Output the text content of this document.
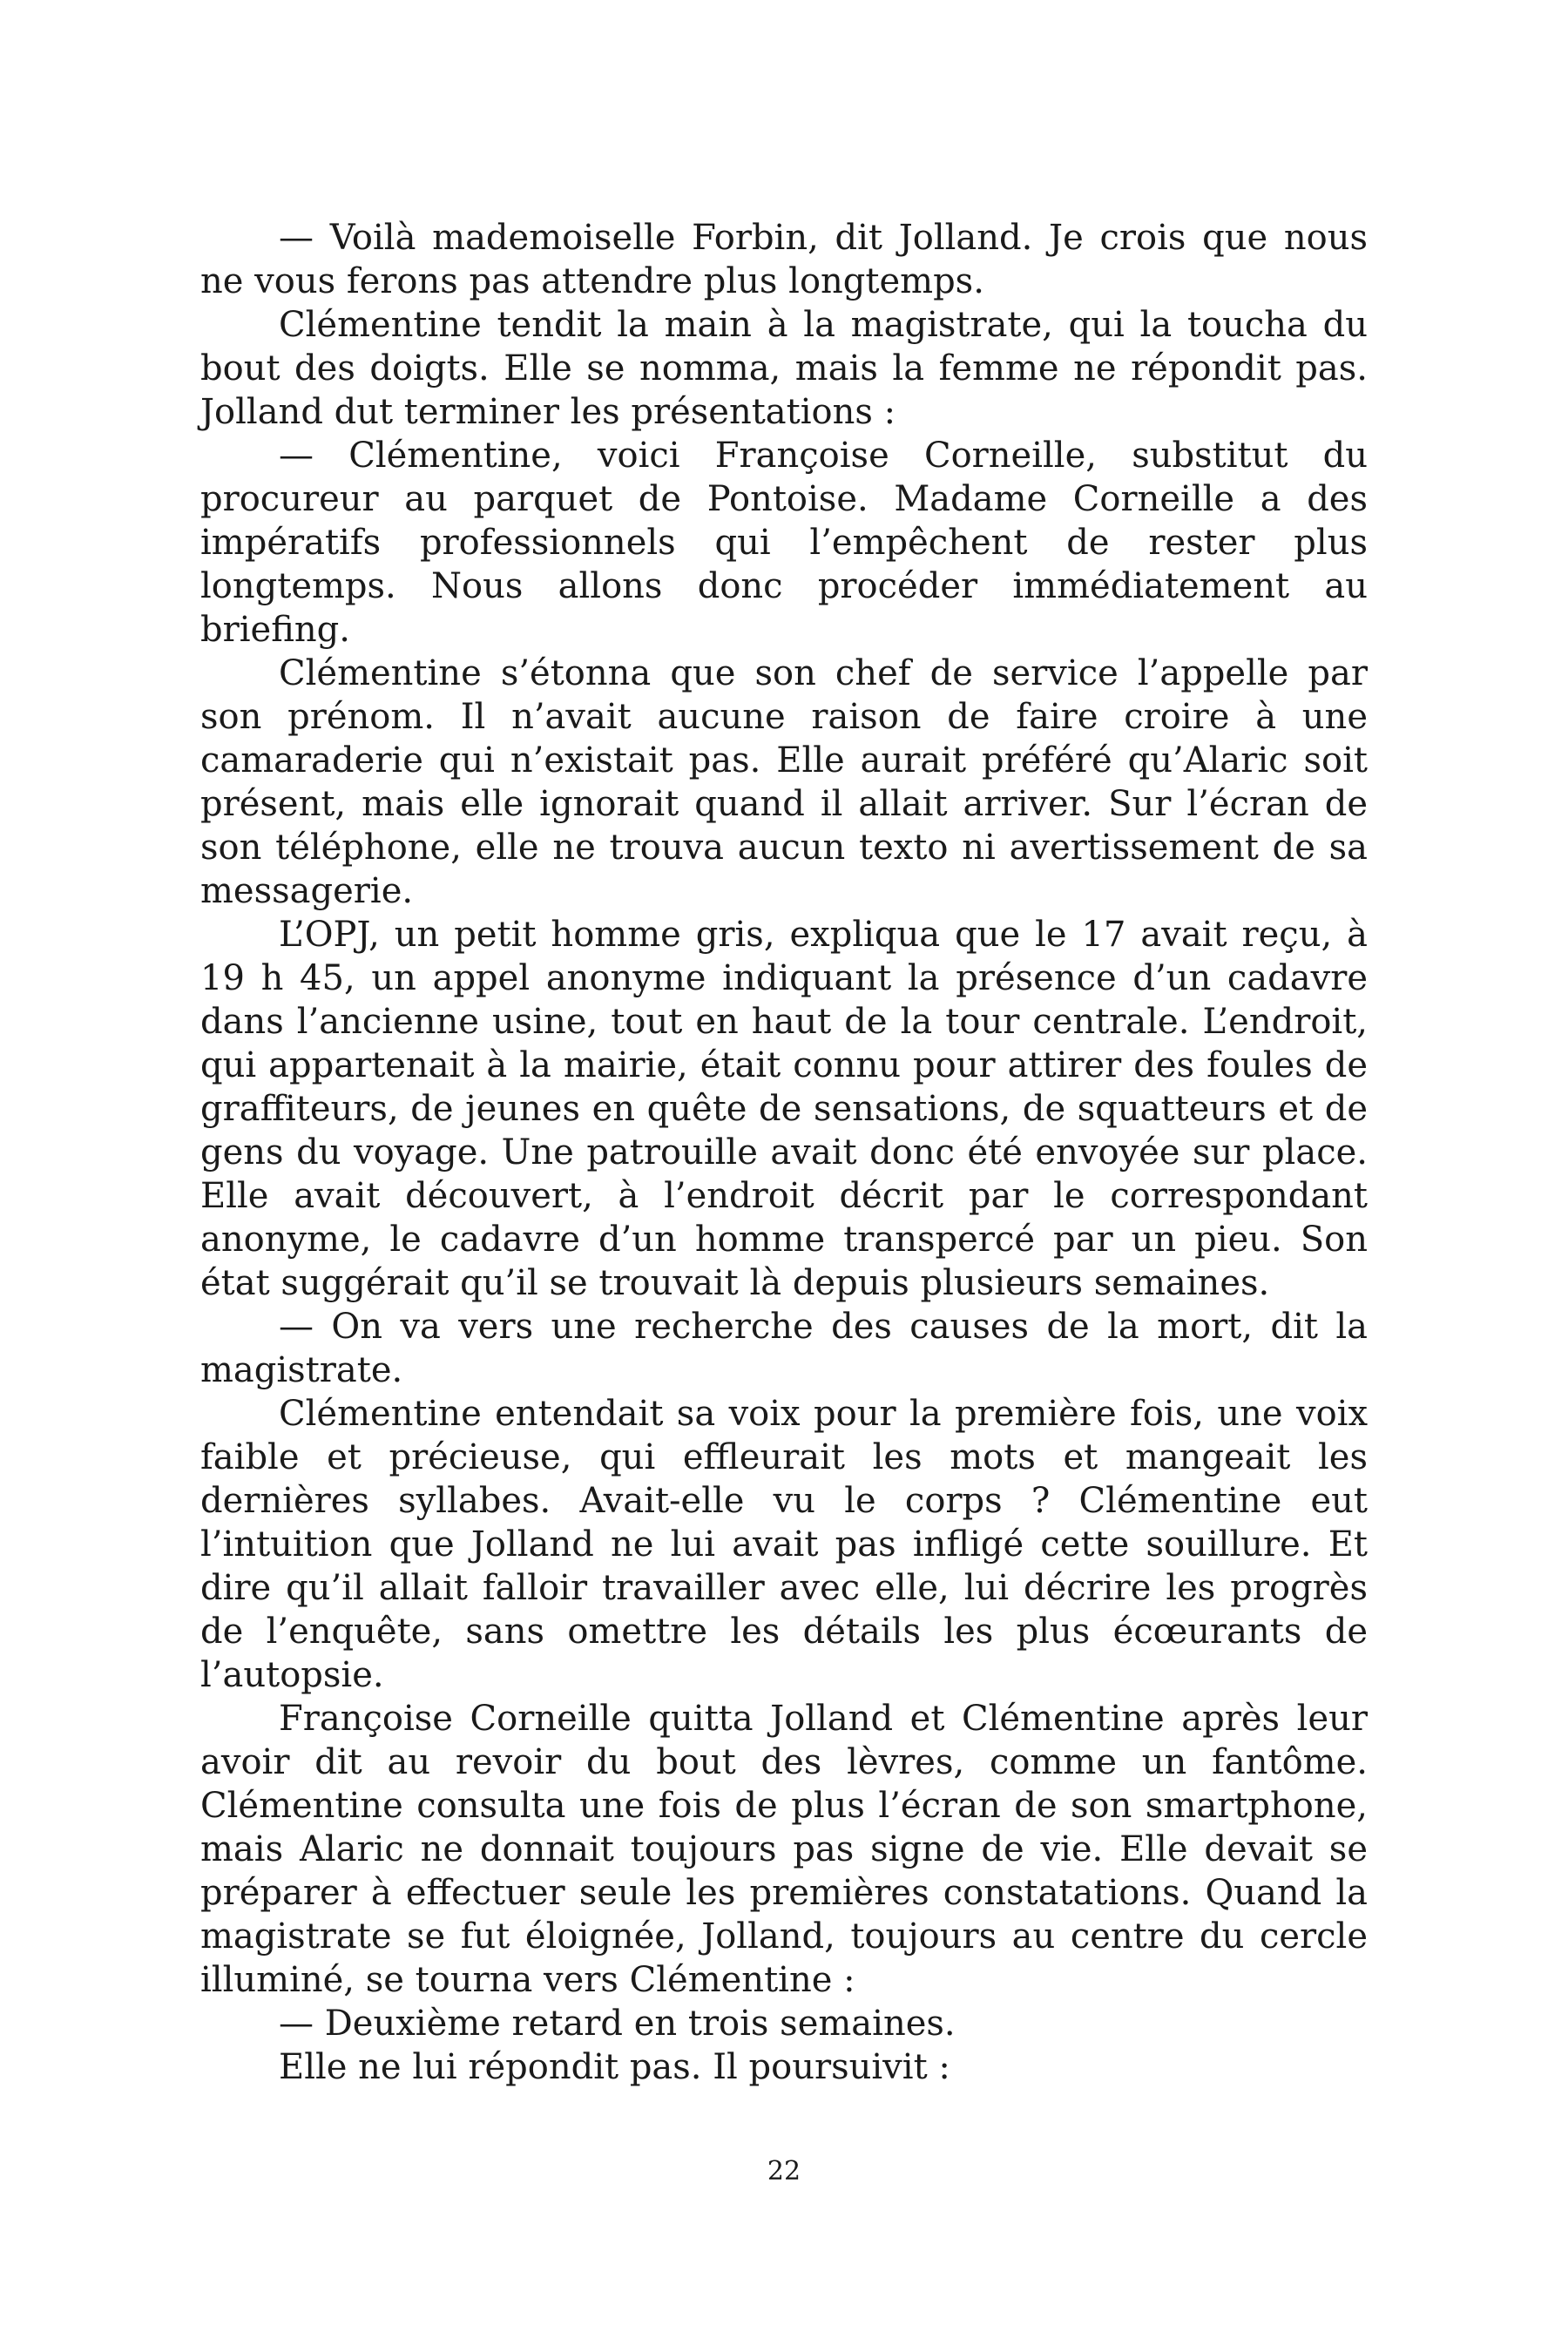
— Voilà mademoiselle Forbin, dit Jolland. Je crois que nous ne vous ferons pas attendre plus longtemps.

Clémentine tendit la main à la magistrate, qui la toucha du bout des doigts. Elle se nomma, mais la femme ne répondit pas. Jolland dut terminer les présentations :

— Clémentine, voici Françoise Corneille, substitut du procureur au parquet de Pontoise. Madame Corneille a des impératifs professionnels qui l’empêchent de rester plus longtemps. Nous allons donc procéder immédiatement au briefing.

Clémentine s’étonna que son chef de service l’appelle par son prénom. Il n’avait aucune raison de faire croire à une camaraderie qui n’existait pas. Elle aurait préféré qu’Alaric soit présent, mais elle ignorait quand il allait arriver. Sur l’écran de son téléphone, elle ne trouva aucun texto ni avertissement de sa messagerie.

L’OPJ, un petit homme gris, expliqua que le 17 avait reçu, à 19 h 45, un appel anonyme indiquant la présence d’un cadavre dans l’ancienne usine, tout en haut de la tour centrale. L’endroit, qui appartenait à la mairie, était connu pour attirer des foules de graffiteurs, de jeunes en quête de sensations, de squatteurs et de gens du voyage. Une patrouille avait donc été envoyée sur place. Elle avait découvert, à l’endroit décrit par le correspondant anonyme, le cadavre d’un homme transpercé par un pieu. Son état suggérait qu’il se trouvait là depuis plusieurs semaines.

— On va vers une recherche des causes de la mort, dit la magistrate.

Clémentine entendait sa voix pour la première fois, une voix faible et précieuse, qui effleurait les mots et mangeait les dernières syllabes. Avait-elle vu le corps ? Clémentine eut l’intuition que Jolland ne lui avait pas infligé cette souillure. Et dire qu’il allait falloir travailler avec elle, lui décrire les progrès de l’enquête, sans omettre les détails les plus écœurants de l’autopsie.

Françoise Corneille quitta Jolland et Clémentine après leur avoir dit au revoir du bout des lèvres, comme un fantôme. Clémentine consulta une fois de plus l’écran de son smartphone, mais Alaric ne donnait toujours pas signe de vie. Elle devait se préparer à effectuer seule les premières constatations. Quand la magistrate se fut éloignée, Jolland, toujours au centre du cercle illuminé, se tourna vers Clémentine :

— Deuxième retard en trois semaines.

Elle ne lui répondit pas. Il poursuivit :

22
